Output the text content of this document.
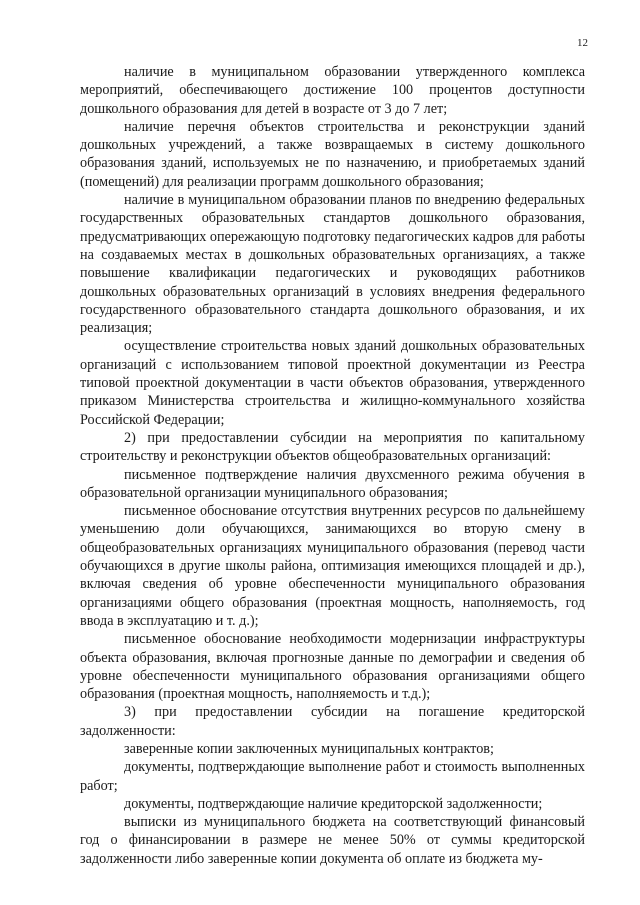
12

наличие в муниципальном образовании утвержденного комплекса мероприятий, обеспечивающего достижение 100 процентов доступности дошкольного образования для детей в возрасте от 3 до 7 лет;

наличие перечня объектов строительства и реконструкции зданий дошкольных учреждений, а также возвращаемых в систему дошкольного образования зданий, используемых не по назначению, и приобретаемых зданий (помещений) для реализации программ дошкольного образования;

наличие в муниципальном образовании планов по внедрению федеральных государственных образовательных стандартов дошкольного образования, предусматривающих опережающую подготовку педагогических кадров для работы на создаваемых местах в дошкольных образовательных организациях, а также повышение квалификации педагогических и руководящих работников дошкольных образовательных организаций в условиях внедрения федерального государственного образовательного стандарта дошкольного образования, и их реализация;

осуществление строительства новых зданий дошкольных образовательных организаций с использованием типовой проектной документации из Реестра типовой проектной документации в части объектов образования, утвержденного приказом Министерства строительства и жилищно-коммунального хозяйства Российской Федерации;

2) при предоставлении субсидии на мероприятия по капитальному строительству и реконструкции объектов общеобразовательных организаций:

письменное подтверждение наличия двухсменного режима обучения в образовательной организации муниципального образования;

письменное обоснование отсутствия внутренних ресурсов по дальнейшему уменьшению доли обучающихся, занимающихся во вторую смену в общеобразовательных организациях муниципального образования (перевод части обучающихся в другие школы района, оптимизация имеющихся площадей и др.), включая сведения об уровне обеспеченности муниципального образования организациями общего образования (проектная мощность, наполняемость, год ввода в эксплуатацию и т. д.);

письменное обоснование необходимости модернизации инфраструктуры объекта образования, включая прогнозные данные по демографии и сведения об уровне обеспеченности муниципального образования организациями общего образования (проектная мощность, наполняемость и т.д.);

3) при предоставлении субсидии на погашение кредиторской задолженности:

заверенные копии заключенных муниципальных контрактов;

документы, подтверждающие выполнение работ и стоимость выполненных работ;

документы, подтверждающие наличие кредиторской задолженности;

выписки из муниципального бюджета на соответствующий финансовый год о финансировании в размере не менее 50% от суммы кредиторской задолженности либо заверенные копии документа об оплате из бюджета му-
